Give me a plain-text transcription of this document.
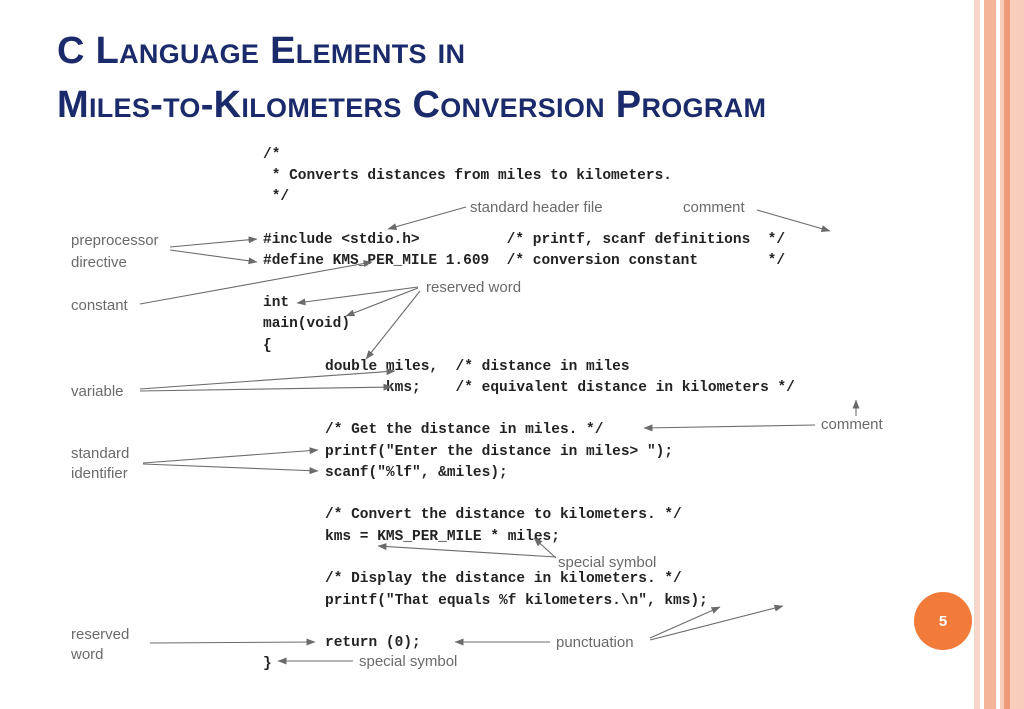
C Language Elements in
Miles-to-Kilometers Conversion Program
/*
* Converts distances from miles to kilometers.
*/
#include <stdio.h>          /* printf, scanf definitions  */
#define KMS_PER_MILE 1.609  /* conversion constant        */
int
main(void)
{
double miles,  /* distance in miles
kms;    /* equivalent distance in kilometers */
/* Get the distance in miles. */
printf("Enter the distance in miles> ");
scanf("%lf", &miles);
/* Convert the distance to kilometers. */
kms = KMS_PER_MILE * miles;
/* Display the distance in kilometers. */
printf("That equals %f kilometers.\n", kms);
return (0);
}
standard header file	comment
preprocessor
directive
constant
reserved word
variable
comment
standard
identifier
special symbol
reserved
word
punctuation
special symbol
5
